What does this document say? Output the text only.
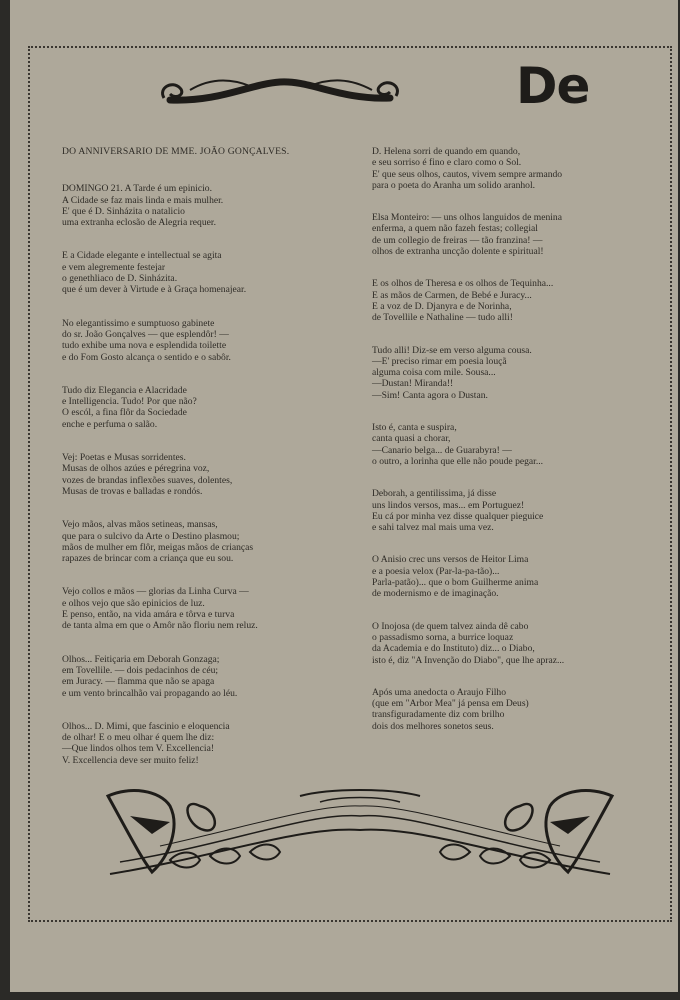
De

DO ANNIVERSARIO DE MME. JOÃO GONÇALVES.

DOMINGO 21. A Tarde é um epinicio.
A Cidade se faz mais linda e mais mulher.
E' que é D. Sinházita o natalicio
uma extranha eclosão de Alegria requer.
E a Cidade elegante e intellectual se agita
e vem alegremente festejar
o genethliaco de D. Sinházita.
que é um dever à Virtude e à Graça homenajear.
No elegantissimo e sumptuoso gabinete
do sr. João Gonçalves — que esplendôr! —
tudo exhibe uma nova e esplendida toilette
e do Fom Gosto alcança o sentido e o sabôr.
Tudo diz Elegancia e Alacridade
e Intelligencia. Tudo! Por que não?
O escól, a fina flôr da Sociedade
enche e perfuma o salão.
Vej: Poetas e Musas sorridentes.
Musas de olhos azúes e péregrina voz,
vozes de brandas inflexões suaves, dolentes,
Musas de trovas e balladas e rondós.
Vejo mãos, alvas mãos setineas, mansas,
que para o sulcivo da Arte o Destino plasmou;
mãos de mulher em flôr, meigas mãos de crianças
rapazes de brincar com a criança que eu sou.
Vejo collos e mãos — glorias da Linha Curva —
e olhos vejo que são epinicios de luz.
E penso, então, na vida amára e tôrva e turva
de tanta alma em que o Amôr não floriu nem reluz.
Olhos... Feitiçaria em Deborah Gonzaga;
em Tovellile. — dois pedacinhos de céu;
em Juracy. — flamma que não se apaga
e um vento brincalhão vai propagando ao léu.
Olhos... D. Mimi, que fascinio e eloquencia
de olhar! E o meu olhar é quem lhe diz:
—Que lindos olhos tem V. Excellencia!
V. Excellencia deve ser muito feliz!
D. Helena sorri de quando em quando,
e seu sorriso é fino e claro como o Sol.
E' que seus olhos, cautos, vivem sempre armando
para o poeta do Aranha um solido aranhol.
Elsa Monteiro: — uns olhos languidos de menina
enferma, a quem não fazeh festas; collegial
de um collegio de freiras — tão franzina! —
olhos de extranha uncção dolente e spiritual!
E os olhos de Theresa e os olhos de Tequinha...
E as mãos de Carmen, de Bebé e Juracy...
E a voz de D. Djanyra e de Norinha,
de Tovellile e Nathaline — tudo alli!
Tudo alli! Diz-se em verso alguma cousa.
—E' preciso rimar em poesia louçã
alguma coisa com mile. Sousa...
—Dustan! Miranda!!
—Sim! Canta agora o Dustan.
Isto é, canta e suspira,
canta quasi a chorar,
—Canario belga... de Guarabyra! —
o outro, a lorinha que elle não poude pegar...
Deborah, a gentilissima, já disse
uns lindos versos, mas... em Portuguez!
Eu cá por minha vez disse qualquer pieguice
e sahi talvez mal mais uma vez.
O Anisio crec uns versos de Heitor Lima
e a poesia velox (Par-la-pa-tão)...
Parla-patão)... que o bom Guilherme anima
de modernismo e de imaginação.
O Inojosa (de quem talvez ainda dê cabo
o passadismo sorna, a burrice loquaz
da Academia e do Instituto) diz... o Diabo,
isto é, diz "A Invenção do Diabo", que lhe apraz...
Após uma anedocta o Araujo Filho
(que em "Arbor Mea" já pensa em Deus)
transfiguradamente diz com brilho
dois dos melhores sonetos seus.
